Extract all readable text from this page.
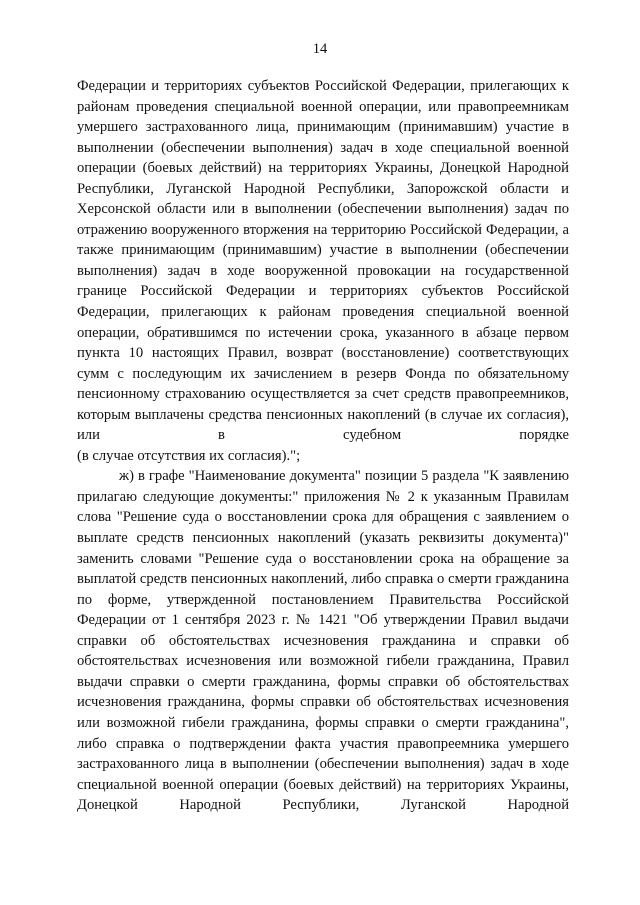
14

Федерации и территориях субъектов Российской Федерации, прилегающих к районам проведения специальной военной операции, или правопреемникам умершего застрахованного лица, принимающим (принимавшим) участие в выполнении (обеспечении выполнения) задач в ходе специальной военной операции (боевых действий) на территориях Украины, Донецкой Народной Республики, Луганской Народной Республики, Запорожской области и Херсонской области или в выполнении (обеспечении выполнения) задач по отражению вооруженного вторжения на территорию Российской Федерации, а также принимающим (принимавшим) участие в выполнении (обеспечении выполнения) задач в ходе вооруженной провокации на государственной границе Российской Федерации и территориях субъектов Российской Федерации, прилегающих к районам проведения специальной военной операции, обратившимся по истечении срока, указанного в абзаце первом пункта 10 настоящих Правил, возврат (восстановление) соответствующих сумм с последующим их зачислением в резерв Фонда по обязательному пенсионному страхованию осуществляется за счет средств правопреемников, которым выплачены средства пенсионных накоплений (в случае их согласия), или в судебном порядке

(в случае отсутствия их согласия).";

ж) в графе "Наименование документа" позиции 5 раздела "К заявлению прилагаю следующие документы:" приложения № 2 к указанным Правилам слова "Решение суда о восстановлении срока для обращения с заявлением о выплате средств пенсионных накоплений (указать реквизиты документа)" заменить словами "Решение суда о восстановлении срока на обращение за выплатой средств пенсионных накоплений, либо справка о смерти гражданина по форме, утвержденной постановлением Правительства Российской Федерации от 1 сентября 2023 г. № 1421 "Об утверждении Правил выдачи справки об обстоятельствах исчезновения гражданина и справки об обстоятельствах исчезновения или возможной гибели гражданина, Правил выдачи справки о смерти гражданина, формы справки об обстоятельствах исчезновения гражданина, формы справки об обстоятельствах исчезновения или возможной гибели гражданина, формы справки о смерти гражданина", либо справка о подтверждении факта участия правопреемника умершего застрахованного лица в выполнении (обеспечении выполнения) задач в ходе специальной военной операции (боевых действий) на территориях Украины, Донецкой Народной Республики, Луганской Народной
